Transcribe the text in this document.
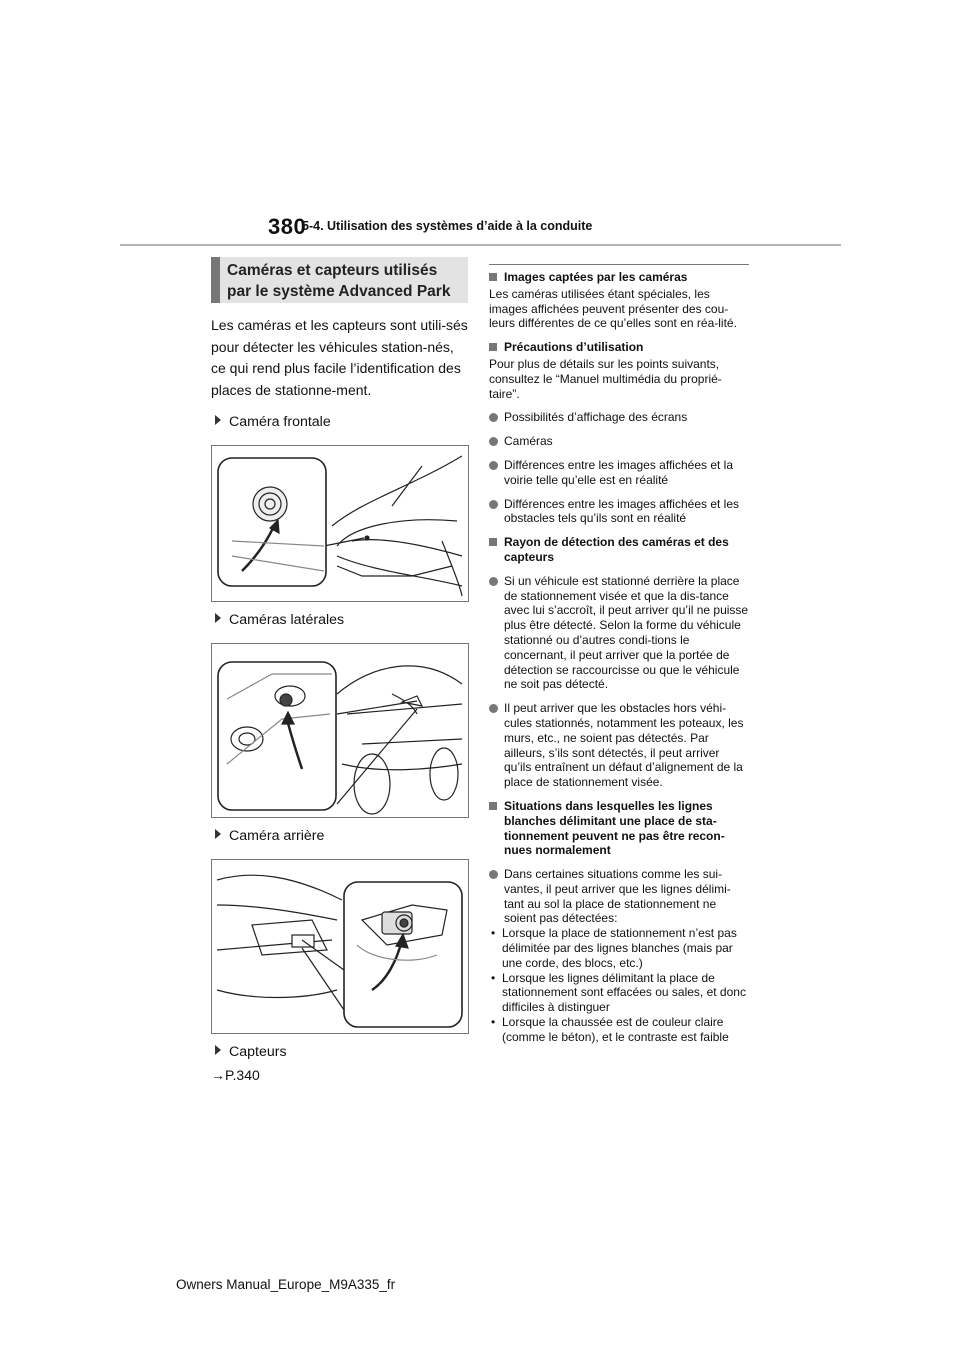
380
5-4. Utilisation des systèmes d’aide à la conduite
Caméras et capteurs utilisés
par le système Advanced Park

Les caméras et les capteurs sont utili-sés pour détecter les véhicules station-nés, ce qui rend plus facile l’identification des places de stationne-ment.

Caméra frontale

Caméras latérales

Caméra arrière

Capteurs

→P.340

Images captées par les caméras

Les caméras utilisées étant spéciales, les images affichées peuvent présenter des cou-leurs différentes de ce qu’elles sont en réa-lité.

Précautions d’utilisation

Pour plus de détails sur les points suivants, consultez le “Manuel multimédia du proprié-taire”.

Possibilités d’affichage des écrans

Caméras

Différences entre les images affichées et la voirie telle qu’elle est en réalité

Différences entre les images affichées et les obstacles tels qu’ils sont en réalité

Rayon de détection des caméras et des capteurs

Si un véhicule est stationné derrière la place de stationnement visée et que la dis-tance avec lui s’accroît, il peut arriver qu’il ne puisse plus être détecté. Selon la forme du véhicule stationné ou d’autres condi-tions le concernant, il peut arriver que la portée de détection se raccourcisse ou que le véhicule ne soit pas détecté.

Il peut arriver que les obstacles hors véhi-cules stationnés, notamment les poteaux, les murs, etc., ne soient pas détectés. Par ailleurs, s’ils sont détectés, il peut arriver qu’ils entraînent un défaut d’alignement de la place de stationnement visée.

Situations dans lesquelles les lignes blanches délimitant une place de sta-tionnement peuvent ne pas être recon-nues normalement

Dans certaines situations comme les sui-vantes, il peut arriver que les lignes délimi-tant au sol la place de stationnement ne soient pas détectées:

• Lorsque la place de stationnement n’est pas délimitée par des lignes blanches (mais par une corde, des blocs, etc.)
• Lorsque les lignes délimitant la place de stationnement sont effacées ou sales, et donc difficiles à distinguer
• Lorsque la chaussée est de couleur claire (comme le béton), et le contraste est faible
Owners Manual_Europe_M9A335_fr
